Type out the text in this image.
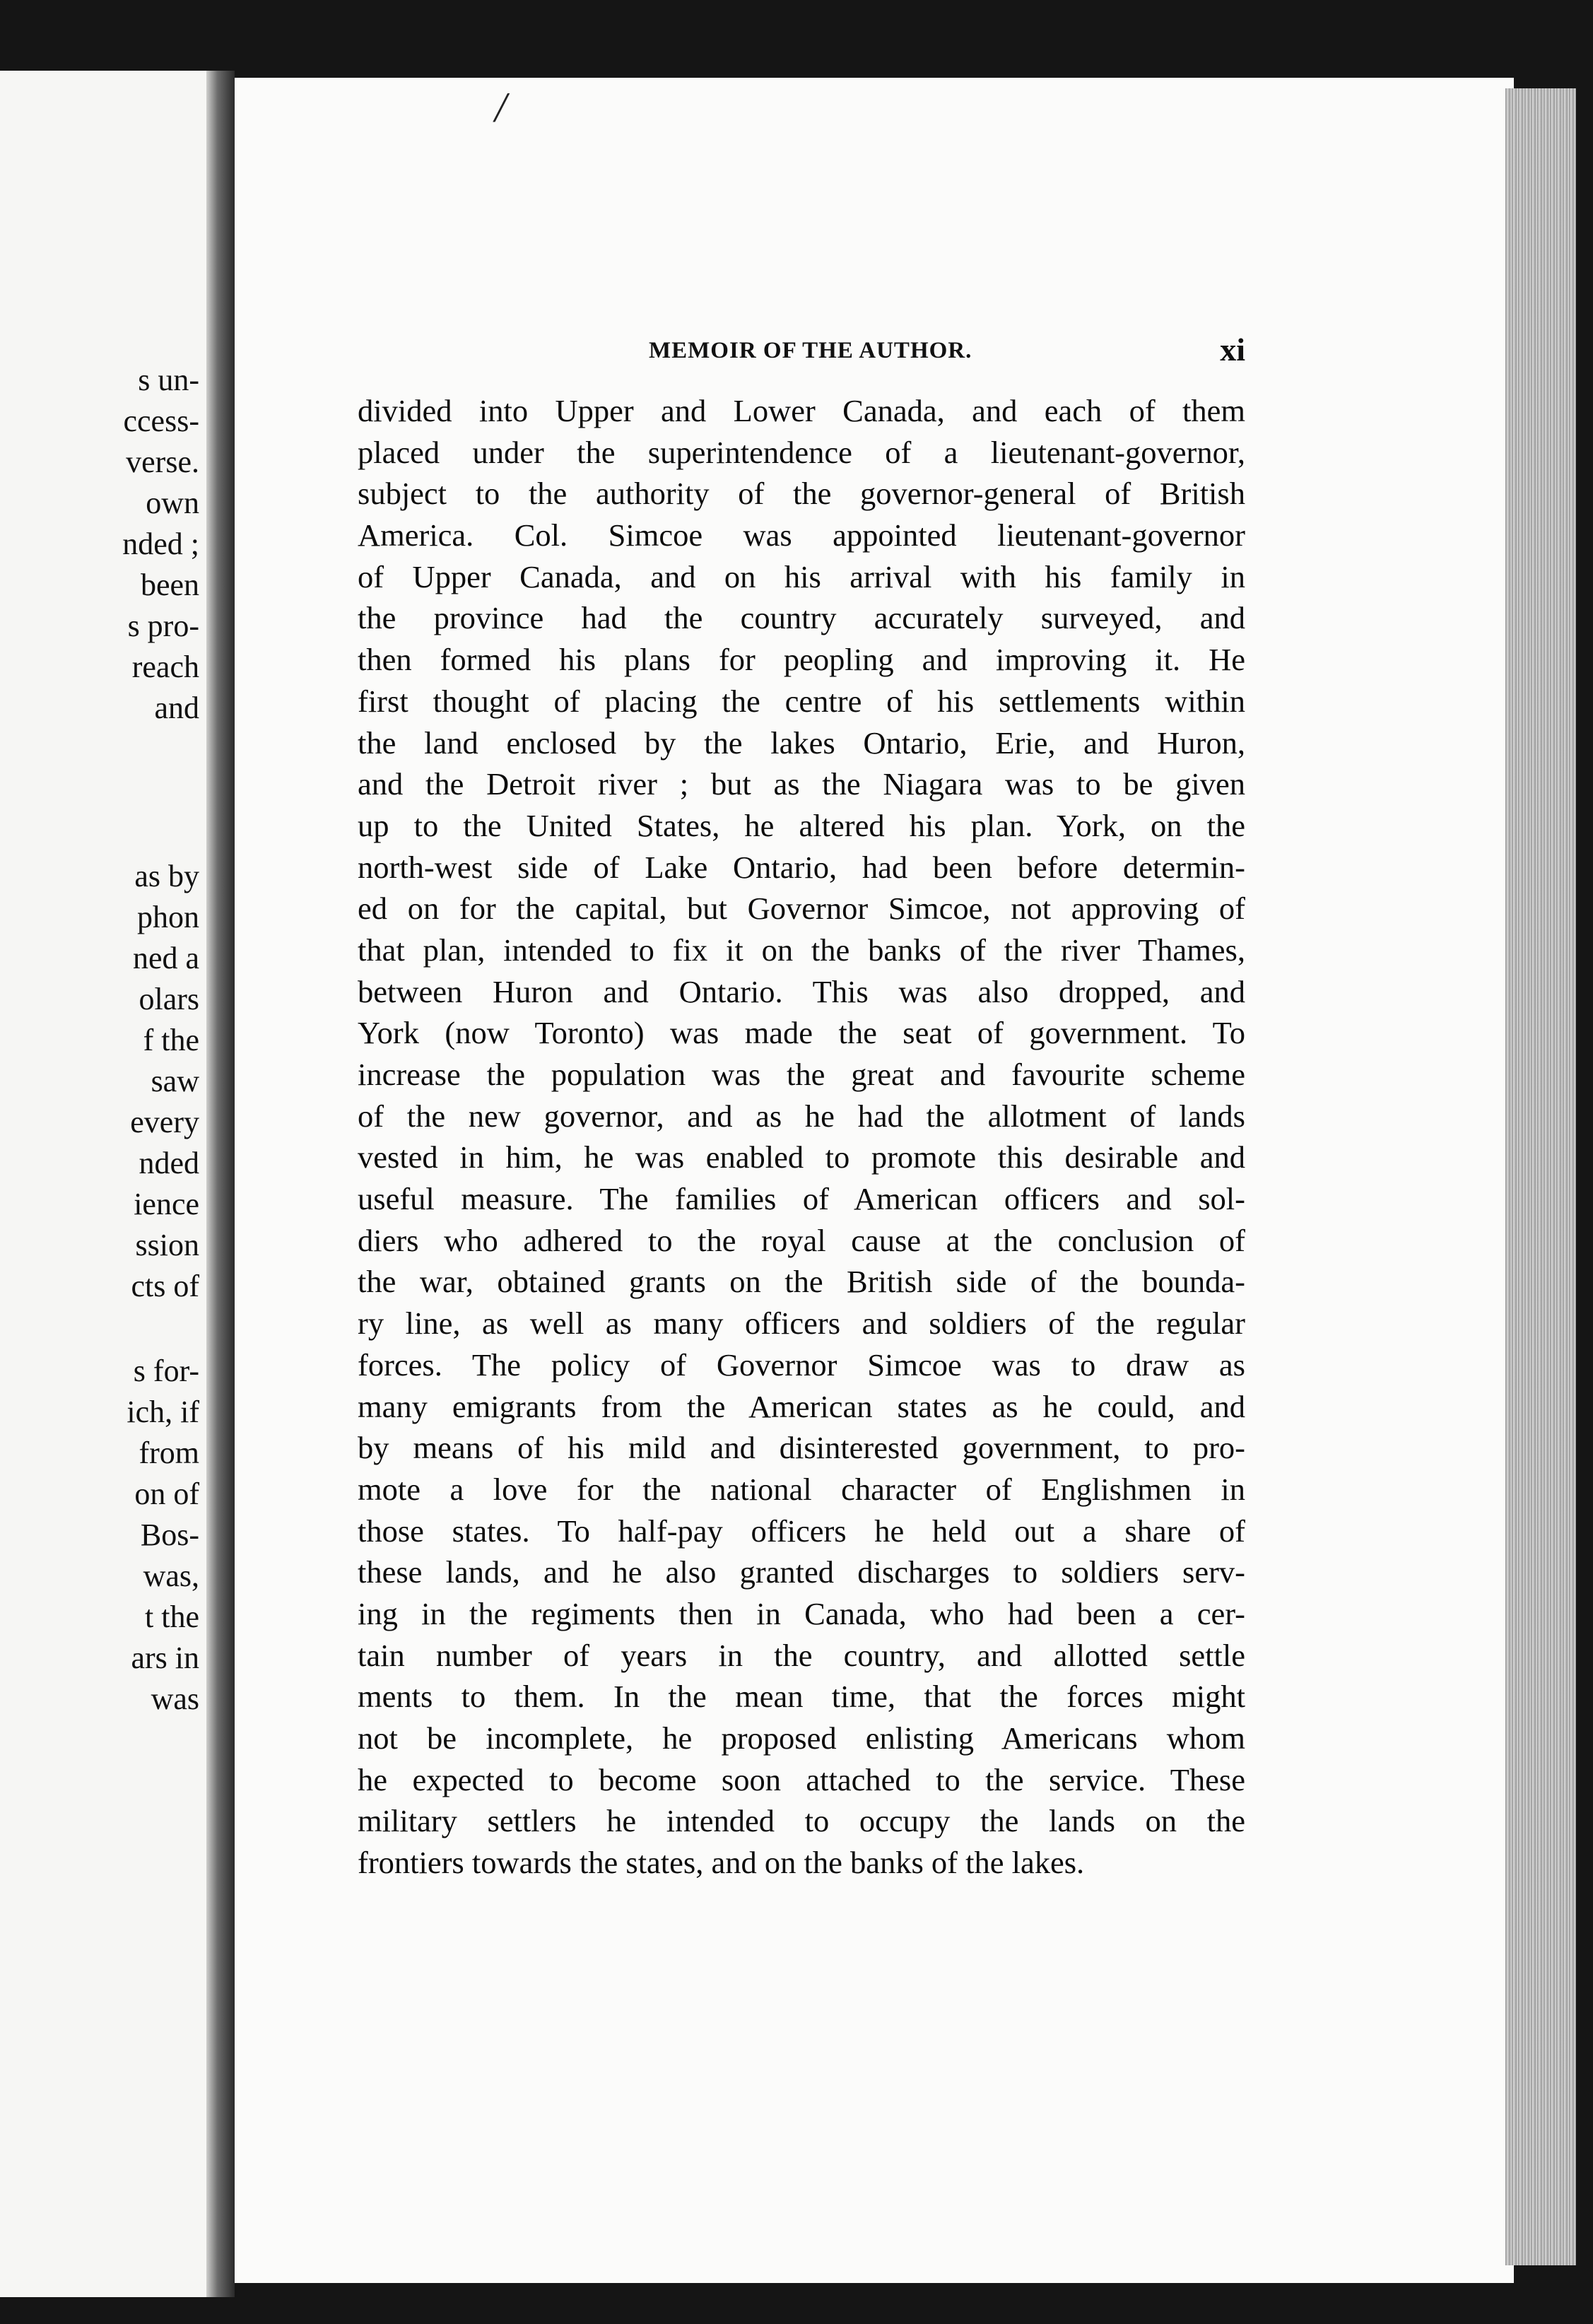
s un-
ccess-
verse.
own
nded ;
been
s pro-
reach
and
as by
phon
ned a
olars
f the
saw
every
nded
ience
ssion
cts of
s for-
ich, if
from
on of
Bos-
was,
t the
ars in
was
/
MEMOIR OF THE AUTHOR.	xi
divided into Upper and Lower Canada, and each of them
placed under the superintendence of a lieutenant-governor,
subject to the authority of the governor-general of British
America. Col. Simcoe was appointed lieutenant-governor
of Upper Canada, and on his arrival with his family in
the province had the country accurately surveyed, and
then formed his plans for peopling and improving it. He
first thought of placing the centre of his settlements within
the land enclosed by the lakes Ontario, Erie, and Huron,
and the Detroit river ; but as the Niagara was to be given
up to the United States, he altered his plan. York, on the
north-west side of Lake Ontario, had been before determin-
ed on for the capital, but Governor Simcoe, not approving of
that plan, intended to fix it on the banks of the river Thames,
between Huron and Ontario. This was also dropped, and
York (now Toronto) was made the seat of government. To
increase the population was the great and favourite scheme
of the new governor, and as he had the allotment of lands
vested in him, he was enabled to promote this desirable and
useful measure. The families of American officers and sol-
diers who adhered to the royal cause at the conclusion of
the war, obtained grants on the British side of the bounda-
ry line, as well as many officers and soldiers of the regular
forces. The policy of Governor Simcoe was to draw as
many emigrants from the American states as he could, and
by means of his mild and disinterested government, to pro-
mote a love for the national character of Englishmen in
those states. To half-pay officers he held out a share of
these lands, and he also granted discharges to soldiers serv-
ing in the regiments then in Canada, who had been a cer-
tain number of years in the country, and allotted settle
ments to them. In the mean time, that the forces might
not be incomplete, he proposed enlisting Americans whom
he expected to become soon attached to the service. These
military settlers he intended to occupy the lands on the
frontiers towards the states, and on the banks of the lakes.
